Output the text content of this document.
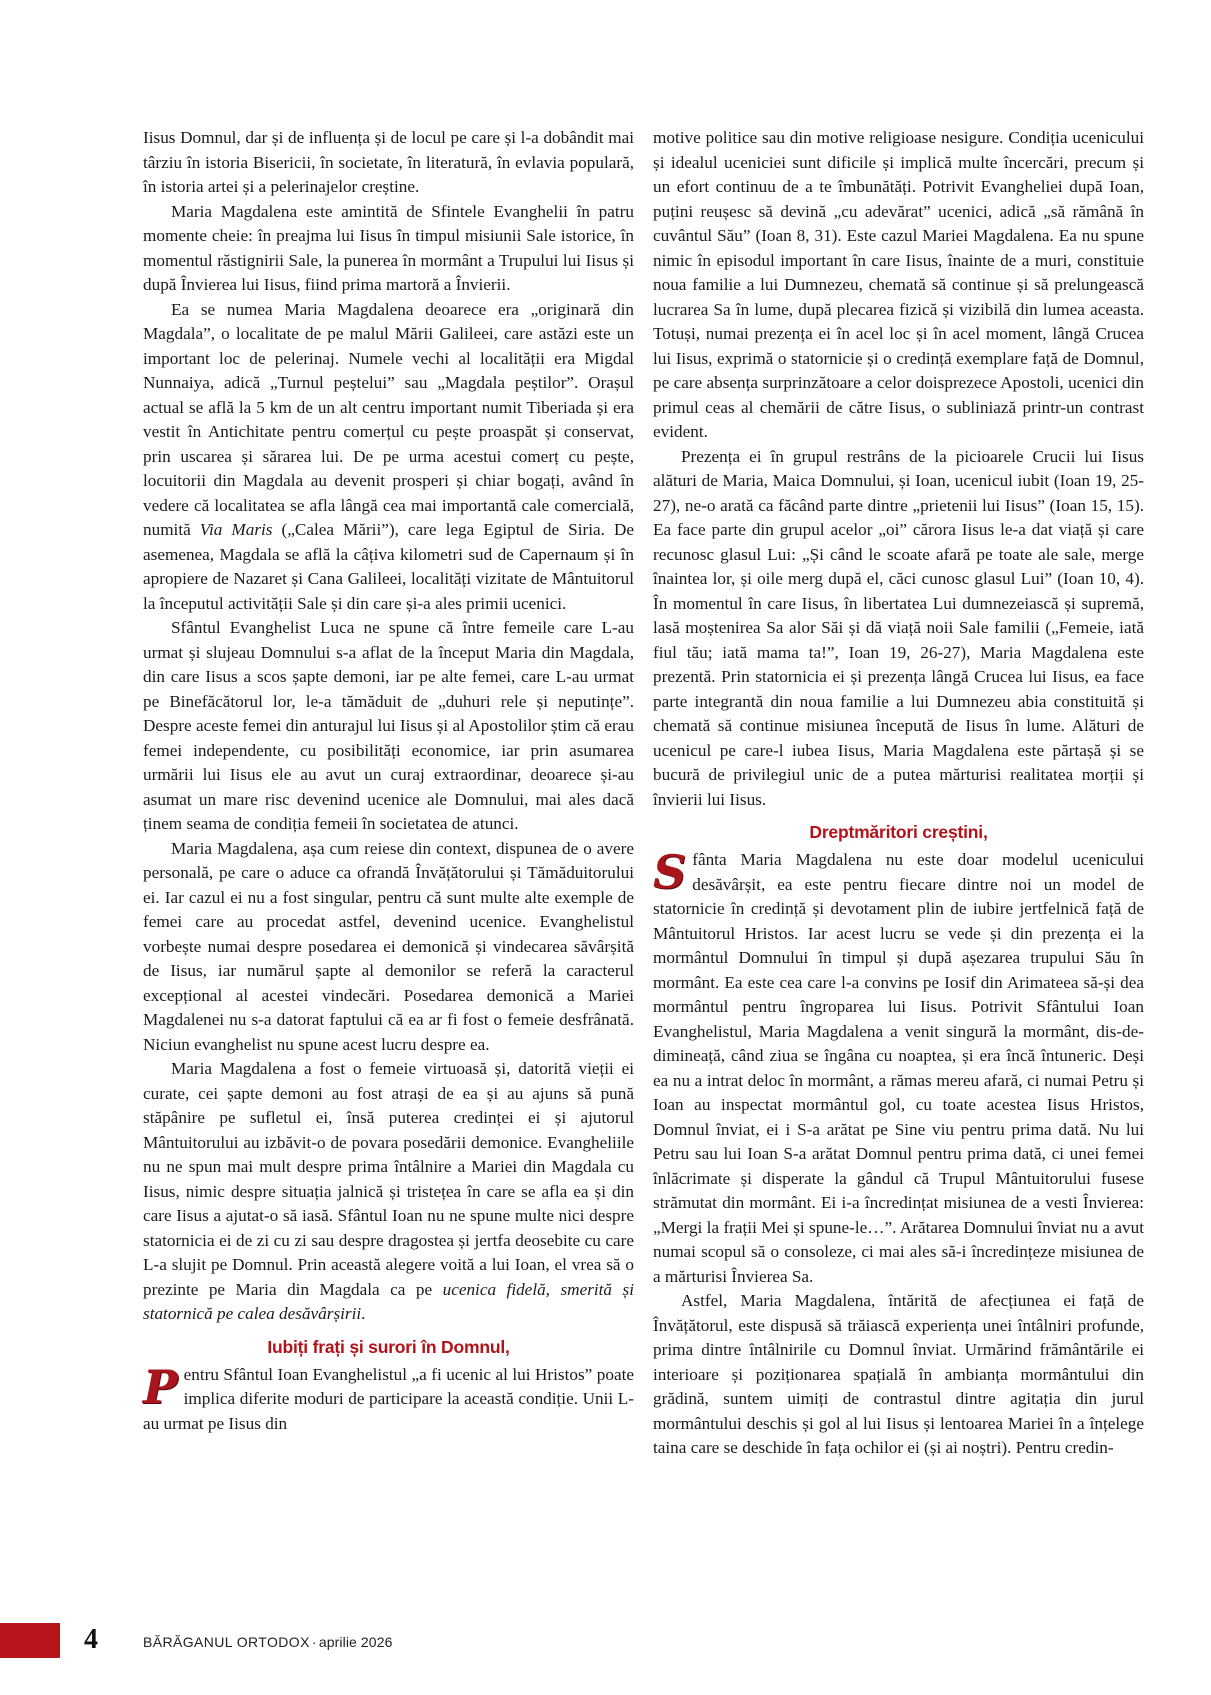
Iisus Domnul, dar și de influența și de locul pe care și l-a dobândit mai târziu în istoria Bisericii, în societate, în literatură, în evlavia populară, în istoria artei și a pelerinajelor creștine.

Maria Magdalena este amintită de Sfintele Evanghelii în patru momente cheie: în preajma lui Iisus în timpul misiunii Sale istorice, în momentul răstignirii Sale, la punerea în mormânt a Trupului lui Iisus și după Învierea lui Iisus, fiind prima martoră a Învierii.

Ea se numea Maria Magdalena deoarece era „originară din Magdala”, o localitate de pe malul Mării Galileei, care astăzi este un important loc de pelerinaj. Numele vechi al localității era Migdal Nunnaiya, adică „Turnul peștelui” sau „Magdala peștilor”. Orașul actual se află la 5 km de un alt centru important numit Tiberiada și era vestit în Antichitate pentru comerțul cu pește proaspăt și conservat, prin uscarea și sărarea lui. De pe urma acestui comerț cu pește, locuitorii din Magdala au devenit prosperi și chiar bogați, având în vedere că localitatea se afla lângă cea mai importantă cale comercială, numită Via Maris („Calea Mării”), care lega Egiptul de Siria. De asemenea, Magdala se află la câțiva kilometri sud de Capernaum și în apropiere de Nazaret și Cana Galileei, localități vizitate de Mântuitorul la începutul activității Sale și din care și-a ales primii ucenici.

Sfântul Evanghelist Luca ne spune că între femeile care L-au urmat și slujeau Domnului s-a aflat de la început Maria din Magdala, din care Iisus a scos șapte demoni, iar pe alte femei, care L-au urmat pe Binefăcătorul lor, le-a tămăduit de „duhuri rele și neputințe”. Despre aceste femei din anturajul lui Iisus și al Apostolilor știm că erau femei independente, cu posibilități economice, iar prin asumarea urmării lui Iisus ele au avut un curaj extraordinar, deoarece și-au asumat un mare risc devenind ucenice ale Domnului, mai ales dacă ținem seama de condiția femeii în societatea de atunci.

Maria Magdalena, așa cum reiese din context, dispunea de o avere personală, pe care o aduce ca ofrandă Învățătorului și Tămăduitorului ei. Iar cazul ei nu a fost singular, pentru că sunt multe alte exemple de femei care au procedat astfel, devenind ucenice. Evanghelistul vorbește numai despre posedarea ei demonică și vindecarea săvârșită de Iisus, iar numărul șapte al demonilor se referă la caracterul excepțional al acestei vindecări. Posedarea demonică a Mariei Magdalenei nu s-a datorat faptului că ea ar fi fost o femeie desfrânată. Niciun evanghelist nu spune acest lucru despre ea.

Maria Magdalena a fost o femeie virtuoasă și, datorită vieții ei curate, cei șapte demoni au fost atrași de ea și au ajuns să pună stăpânire pe sufletul ei, însă puterea credinței ei și ajutorul Mântuitorului au izbăvit-o de povara posedării demonice. Evangheliile nu ne spun mai mult despre prima întâlnire a Mariei din Magdala cu Iisus, nimic despre situația jalnică și tristețea în care se afla ea și din care Iisus a ajutat-o să iasă. Sfântul Ioan nu ne spune multe nici despre statornicia ei de zi cu zi sau despre dragostea și jertfa deosebite cu care L-a slujit pe Domnul. Prin această alegere voită a lui Ioan, el vrea să o prezinte pe Maria din Magdala ca pe ucenica fidelă, smerită și statornică pe calea desăvârșirii.

Iubiți frați și surori în Domnul,

Pentru Sfântul Ioan Evanghelistul „a fi ucenic al lui Hristos” poate implica diferite moduri de participare la această condiție. Unii L-au urmat pe Iisus din

motive politice sau din motive religioase nesigure. Condiția ucenicului și idealul uceniciei sunt dificile și implică multe încercări, precum și un efort continuu de a te îmbunătăți. Potrivit Evangheliei după Ioan, puțini reușesc să devină „cu adevărat” ucenici, adică „să rămână în cuvântul Său” (Ioan 8, 31). Este cazul Mariei Magdalena. Ea nu spune nimic în episodul important în care Iisus, înainte de a muri, constituie noua familie a lui Dumnezeu, chemată să continue și să prelungească lucrarea Sa în lume, după plecarea fizică și vizibilă din lumea aceasta. Totuși, numai prezența ei în acel loc și în acel moment, lângă Crucea lui Iisus, exprimă o statornicie și o credință exemplare față de Domnul, pe care absența surprinzătoare a celor doisprezece Apostoli, ucenici din primul ceas al chemării de către Iisus, o subliniază printr-un contrast evident.

Prezența ei în grupul restrâns de la picioarele Crucii lui Iisus alături de Maria, Maica Domnului, și Ioan, ucenicul iubit (Ioan 19, 25-27), ne-o arată ca făcând parte dintre „prietenii lui Iisus” (Ioan 15, 15). Ea face parte din grupul acelor „oi” cărora Iisus le-a dat viață și care recunosc glasul Lui: „Și când le scoate afară pe toate ale sale, merge înaintea lor, și oile merg după el, căci cunosc glasul Lui” (Ioan 10, 4). În momentul în care Iisus, în libertatea Lui dumnezeiască și supremă, lasă moștenirea Sa alor Săi și dă viață noii Sale familii („Femeie, iată fiul tău; iată mama ta!”, Ioan 19, 26-27), Maria Magdalena este prezentă. Prin statornicia ei și prezența lângă Crucea lui Iisus, ea face parte integrantă din noua familie a lui Dumnezeu abia constituită și chemată să continue misiunea începută de Iisus în lume. Alături de ucenicul pe care-l iubea Iisus, Maria Magdalena este părtașă și se bucură de privilegiul unic de a putea mărturisi realitatea morții și învierii lui Iisus.

Dreptmăritori creștini,

Sfânta Maria Magdalena nu este doar modelul ucenicului desăvârșit, ea este pentru fiecare dintre noi un model de statornicie în credință și devotament plin de iubire jertfelnică față de Mântuitorul Hristos. Iar acest lucru se vede și din prezența ei la mormântul Domnului în timpul și după așezarea trupului Său în mormânt. Ea este cea care l-a convins pe Iosif din Arimateea să-și dea mormântul pentru îngroparea lui Iisus. Potrivit Sfântului Ioan Evanghelistul, Maria Magdalena a venit singură la mormânt, dis-de-dimineață, când ziua se îngâna cu noaptea, și era încă întuneric. Deși ea nu a intrat deloc în mormânt, a rămas mereu afară, ci numai Petru și Ioan au inspectat mormântul gol, cu toate acestea Iisus Hristos, Domnul înviat, ei i S-a arătat pe Sine viu pentru prima dată. Nu lui Petru sau lui Ioan S-a arătat Domnul pentru prima dată, ci unei femei înlăcrimate și disperate la gândul că Trupul Mântuitorului fusese strămutat din mormânt. Ei i-a încredințat misiunea de a vesti Învierea: „Mergi la frații Mei și spune-le…”. Arătarea Domnului înviat nu a avut numai scopul să o consoleze, ci mai ales să-i încredințeze misiunea de a mărturisi Învierea Sa.

Astfel, Maria Magdalena, întărită de afecțiunea ei față de Învățătorul, este dispusă să trăiască experiența unei întâlniri profunde, prima dintre întâlnirile cu Domnul înviat. Urmărind frământările ei interioare și poziționarea spațială în ambianța mormântului din grădină, suntem uimiți de contrastul dintre agitația din jurul mormântului deschis și gol al lui Iisus și lentoarea Mariei în a înțelege taina care se deschide în fața ochilor ei (și ai noștri). Pentru credin-

4	BĂRĂGANUL ORTODOX · aprilie 2026
